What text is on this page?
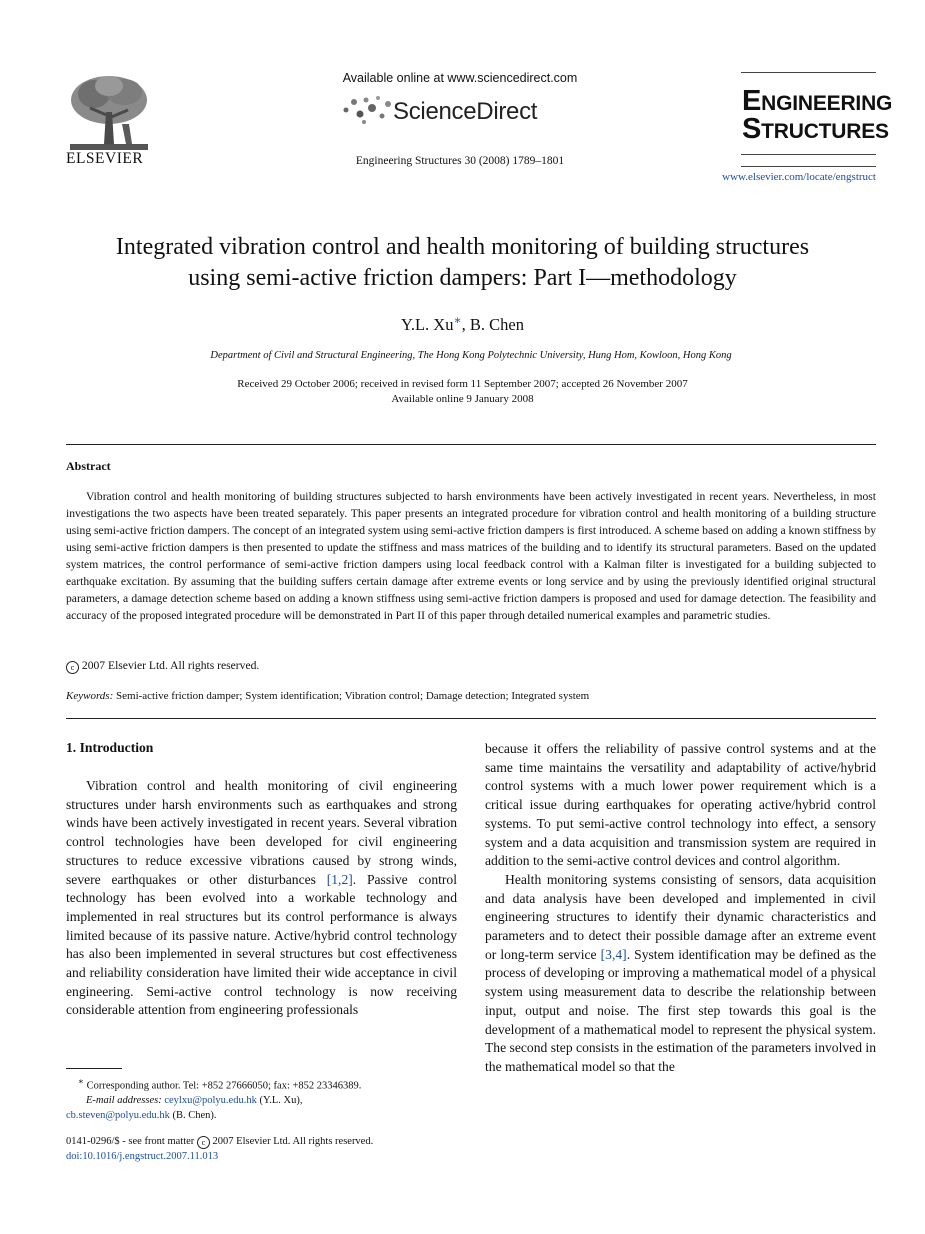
ELSEVIER
Available online at www.sciencedirect.com
ScienceDirect
Engineering Structures 30 (2008) 1789–1801
ENGINEERING
STRUCTURES
www.elsevier.com/locate/engstruct
Integrated vibration control and health monitoring of building structures
using semi-active friction dampers: Part I—methodology
Y.L. Xu∗, B. Chen
Department of Civil and Structural Engineering, The Hong Kong Polytechnic University, Hung Hom, Kowloon, Hong Kong
Received 29 October 2006; received in revised form 11 September 2007; accepted 26 November 2007
Available online 9 January 2008
Abstract
Vibration control and health monitoring of building structures subjected to harsh environments have been actively investigated in recent years. Nevertheless, in most investigations the two aspects have been treated separately. This paper presents an integrated procedure for vibration control and health monitoring of a building structure using semi-active friction dampers. The concept of an integrated system using semi-active friction dampers is first introduced. A scheme based on adding a known stiffness by using semi-active friction dampers is then presented to update the stiffness and mass matrices of the building and to identify its structural parameters. Based on the updated system matrices, the control performance of semi-active friction dampers using local feedback control with a Kalman filter is investigated for a building subjected to earthquake excitation. By assuming that the building suffers certain damage after extreme events or long service and by using the previously identified original structural parameters, a damage detection scheme based on adding a known stiffness using semi-active friction dampers is proposed and used for damage detection. The feasibility and accuracy of the proposed integrated procedure will be demonstrated in Part II of this paper through detailed numerical examples and parametric studies.
c 2007 Elsevier Ltd. All rights reserved.
Keywords: Semi-active friction damper; System identification; Vibration control; Damage detection; Integrated system
1. Introduction
Vibration control and health monitoring of civil engineering structures under harsh environments such as earthquakes and strong winds have been actively investigated in recent years. Several vibration control technologies have been developed for civil engineering structures to reduce excessive vibrations caused by strong winds, severe earthquakes or other disturbances [1,2]. Passive control technology has been evolved into a workable technology and implemented in real structures but its control performance is always limited because of its passive nature. Active/hybrid control technology has also been implemented in several structures but cost effectiveness and reliability consideration have limited their wide acceptance in civil engineering. Semi-active control technology is now receiving considerable attention from engineering professionals

because it offers the reliability of passive control systems and at the same time maintains the versatility and adaptability of active/hybrid control systems with a much lower power requirement which is a critical issue during earthquakes for operating active/hybrid control systems. To put semi-active control technology into effect, a sensory system and a data acquisition and transmission system are required in addition to the semi-active control devices and control algorithm.

Health monitoring systems consisting of sensors, data acquisition and data analysis have been developed and implemented in civil engineering structures to identify their dynamic characteristics and parameters and to detect their possible damage after an extreme event or long-term service [3,4]. System identification may be defined as the process of developing or improving a mathematical model of a physical system using measurement data to describe the relationship between input, output and noise. The first step towards this goal is the development of a mathematical model to represent the physical system. The second step consists in the estimation of the parameters involved in the mathematical model so that the

∗ Corresponding author. Tel: +852 27666050; fax: +852 23346389.
E-mail addresses: ceylxu@polyu.edu.hk (Y.L. Xu),
cb.steven@polyu.edu.hk (B. Chen).
0141-0296/$ - see front matter c 2007 Elsevier Ltd. All rights reserved.
doi:10.1016/j.engstruct.2007.11.013
